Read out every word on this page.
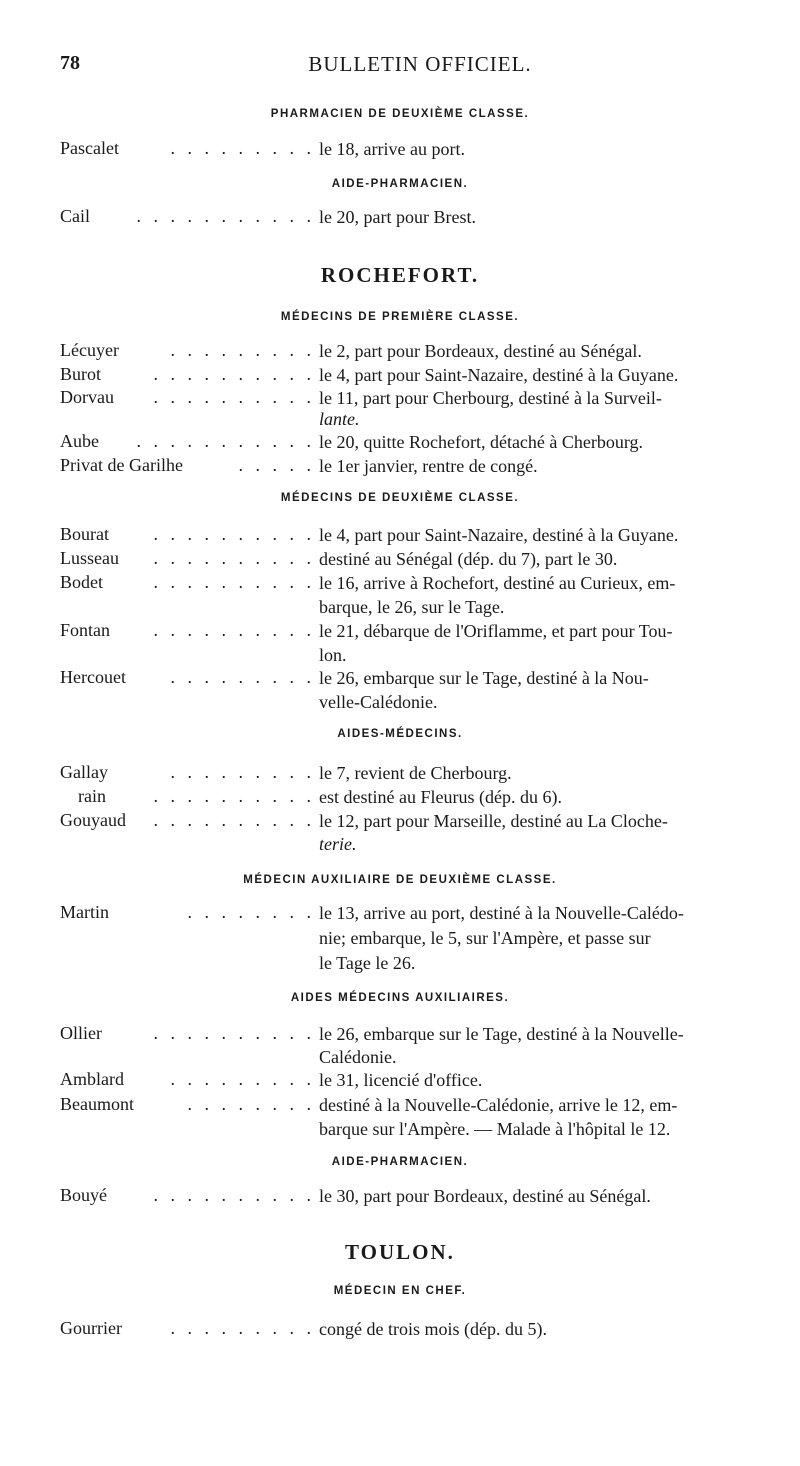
78	BULLETIN OFFICIEL.
PHARMACIEN DE DEUXIÈME CLASSE.
Pascalet	. . . . . . . . . le 18, arrive au port.
AIDE-PHARMACIEN.
Cail	. . . . . . . . . . . le 20, part pour Brest.
ROCHEFORT.
MÉDECINS DE PREMIÈRE CLASSE.
Lécuyer	. . . . . . . . . le 2, part pour Bordeaux, destiné au Sénégal.
Burot	. . . . . . . . . . le 4, part pour Saint-Nazaire, destiné à la Guyane.
Dorvau	. . . . . . . . . . le 11, part pour Cherbourg, destiné à la Surveil-
lante.
Aube	. . . . . . . . . . . le 20, quitte Rochefort, détaché à Cherbourg.
Privat de Garilhe	. . . . . le 1er janvier, rentre de congé.
MÉDECINS DE DEUXIÈME CLASSE.
Bourat	. . . . . . . . . . le 4, part pour Saint-Nazaire, destiné à la Guyane.
Lusseau	. . . . . . . . . . destiné au Sénégal (dép. du 7), part le 30.
Bodet	. . . . . . . . . . le 16, arrive à Rochefort, destiné au Curieux, em-
barque, le 26, sur le Tage.
Fontan	. . . . . . . . . . le 21, débarque de l'Oriflamme, et part pour Tou-
lon.
Hercouet	. . . . . . . . . le 26, embarque sur le Tage, destiné à la Nou-
velle-Calédonie.
AIDES-MÉDECINS.
Gallay	. . . . . . . . . le 7, revient de Cherbourg.
rain	. . . . . . . . . . est destiné au Fleurus (dép. du 6).
Gouyaud	. . . . . . . . . . le 12, part pour Marseille, destiné au La Cloche-
terie.
MÉDECIN AUXILIAIRE DE DEUXIÈME CLASSE.
Martin	. . . . . . . . le 13, arrive au port, destiné à la Nouvelle-Calédo-
nie; embarque, le 5, sur l'Ampère, et passe sur
le Tage le 26.
AIDES MÉDECINS AUXILIAIRES.
Ollier	. . . . . . . . . . le 26, embarque sur le Tage, destiné à la Nouvelle-
Calédonie.
Amblard	. . . . . . . . . le 31, licencié d'office.
Beaumont	. . . . . . . . destiné à la Nouvelle-Calédonie, arrive le 12, em-
barque sur l'Ampère. — Malade à l'hôpital le 12.
AIDE-PHARMACIEN.
Bouyé	. . . . . . . . . . le 30, part pour Bordeaux, destiné au Sénégal.
TOULON.
MÉDECIN EN CHEF.
Gourrier	. . . . . . . . . congé de trois mois (dép. du 5).
